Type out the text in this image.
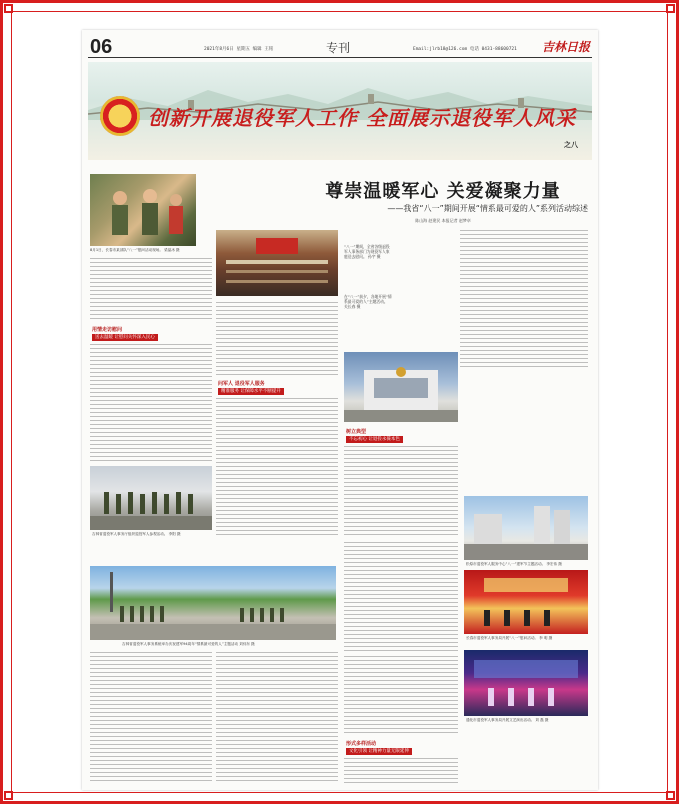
06	2021年8月6日 星期五 编辑 王铭	专刊	Email:jlrb18@126.com 电话 0431-88600721 吉林日报
创新开展退役军人工作 全面展示退役军人风采
之八
8月1日，长春市某部队“八一”慰问活动现场。 梁晶冰 摄
尊崇温暖军心 关爱凝聚力量
——我省“八一”期间开展“情系最可爱的人”系列活动综述
陈山海 赵建民 本报记者 赵梦卓
用情走访慰问
送去温暖 让慰问关怀深入民心
“八一”期间，全省各级退役军人事务部门为现役军人家庭送去慰问。 孙宇 摄
在“八一”前夕，各地开展“情系最可爱的人”主题活动。 关长春 摄
问军人 退役军人服务
精准服务 让保障水平不断提升
吉林省退役军人事务厅组织退役军人参观活动。 李阳 摄
树立典型
不忘初心 让退役永葆本色
松原市退役军人服务中心“八一”建军节主题活动。 李宏伟 摄
吉林省退役军人事务系统举办庆祝建军94周年“情系最可爱的人”主题活动 刘伟东 摄
长春市退役军人事务局开展“八一”慰问活动。 李 明 摄
形式多样活动
文化引领 让精神力量无限延伸
通化市退役军人事务局开展文艺演出活动。 刘 磊 摄
